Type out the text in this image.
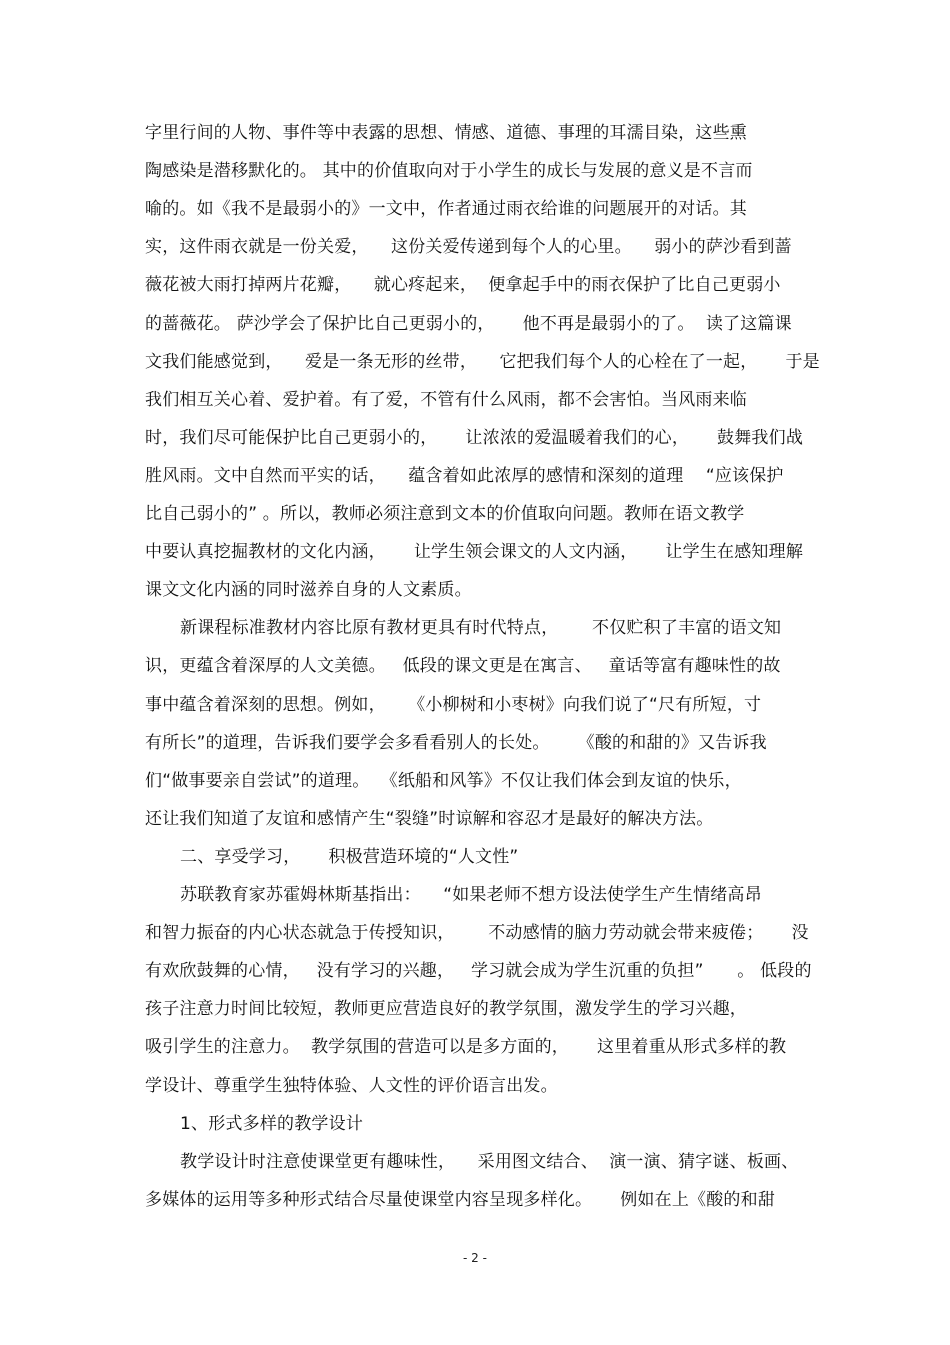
字里行间的人物、事件等中表露的思想、情感、道德、事理的耳濡目染，这些熏
陶感染是潜移默化的。 其中的价值取向对于小学生的成长与发展的意义是不言而
喻的。如《我不是最弱小的》一文中，作者通过雨衣给谁的问题展开的对话。其
实，这件雨衣就是一份关爱，    这份关爱传递到每个人的心里。    弱小的萨沙看到蔷
薇花被大雨打掉两片花瓣，    就心疼起来，  便拿起手中的雨衣保护了比自己更弱小
的蔷薇花。 萨沙学会了保护比自己更弱小的，     他不再是最弱小的了。  读了这篇课
文我们能感觉到，    爱是一条无形的丝带，    它把我们每个人的心栓在了一起，     于是
我们相互关心着、爱护着。有了爱，不管有什么风雨，都不会害怕。当风雨来临
时，我们尽可能保护比自己更弱小的，     让浓浓的爱温暖着我们的心，     鼓舞我们战
胜风雨。文中自然而平实的话，    蕴含着如此浓厚的感情和深刻的道理    “应该保护
比自己弱小的” 。所以，教师必须注意到文本的价值取向问题。教师在语文教学
中要认真挖掘教材的文化内涵，     让学生领会课文的人文内涵，     让学生在感知理解
课文文化内涵的同时滋养自身的人文素质。
新课程标准教材内容比原有教材更具有时代特点，      不仅贮积了丰富的语文知
识，更蕴含着深厚的人文美德。   低段的课文更是在寓言、   童话等富有趣味性的故
事中蕴含着深刻的思想。例如，    《小柳树和小枣树》向我们说了“尺有所短，寸
有所长”的道理，告诉我们要学会多看看别人的长处。     《酸的和甜的》又告诉我
们“做事要亲自尝试”的道理。  《纸船和风筝》不仅让我们体会到友谊的快乐，
还让我们知道了友谊和感情产生“裂缝”时谅解和容忍才是最好的解决方法。
二、享受学习，     积极营造环境的“人文性”
苏联教育家苏霍姆林斯基指出：    “如果老师不想方设法使学生产生情绪高昂
和智力振奋的内心状态就急于传授知识，      不动感情的脑力劳动就会带来疲倦；     没
有欢欣鼓舞的心情，   没有学习的兴趣，   学习就会成为学生沉重的负担”      。 低段的
孩子注意力时间比较短，教师更应营造良好的教学氛围，激发学生的学习兴趣，
吸引学生的注意力。  教学氛围的营造可以是多方面的，     这里着重从形式多样的教
学设计、尊重学生独特体验、人文性的评价语言出发。
1、形式多样的教学设计
教学设计时注意使课堂更有趣味性，    采用图文结合、  演一演、猜字谜、板画、
多媒体的运用等多种形式结合尽量使课堂内容呈现多样化。     例如在上《酸的和甜
- 2 -
